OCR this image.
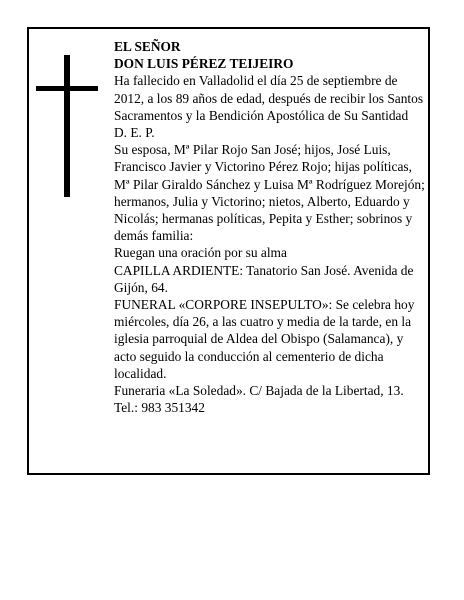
EL SEÑOR

DON LUIS PÉREZ TEIJEIRO

Ha fallecido en Valladolid el día 25 de septiembre de 2012, a los 89 años de edad, después de recibir los Santos Sacramentos y la Bendición Apostólica de Su Santidad

D. E. P.

Su esposa, Mª Pilar Rojo San José; hijos, José Luis, Francisco Javier y Victorino Pérez Rojo; hijas políticas, Mª Pilar Giraldo Sánchez y Luisa Mª Rodríguez Morejón; hermanos, Julia y Victorino; nietos, Alberto, Eduardo y Nicolás; hermanas políticas, Pepita y Esther; sobrinos y demás familia:

Ruegan una oración por su alma

CAPILLA ARDIENTE: Tanatorio San José. Avenida de Gijón, 64.

FUNERAL «CORPORE INSEPULTO»: Se celebra hoy miércoles, día 26, a las cuatro y media de la tarde, en la iglesia parroquial de Aldea del Obispo (Salamanca), y acto seguido la conducción al cementerio de dicha localidad.

Funeraria «La Soledad». C/ Bajada de la Libertad, 13. Tel.: 983 351342
